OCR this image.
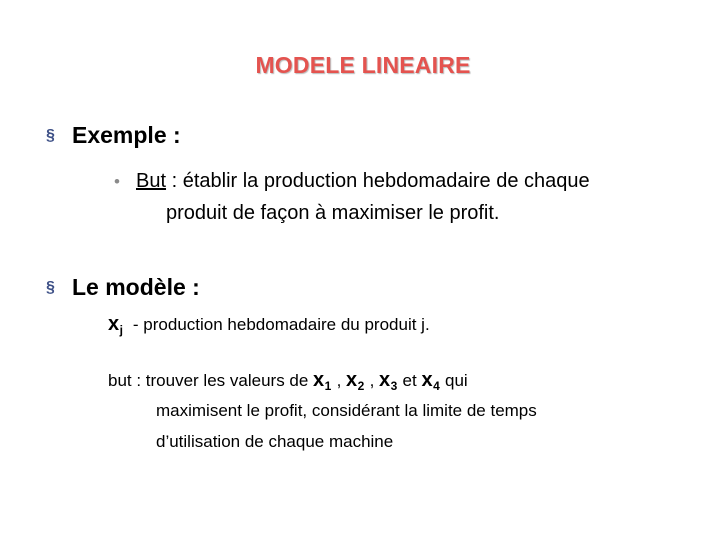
MODELE LINEAIRE
§ Exemple :
• But : établir la production hebdomadaire de chaque
produit de façon à maximiser le profit.
§ Le modèle :
$x_j$ - production hebdomadaire du produit j.
but : trouver les valeurs de $x_1$ , $x_2$ , $x_3$ et $x_4$ qui
maximisent le profit, considérant la limite de temps
d’utilisation de chaque machine
